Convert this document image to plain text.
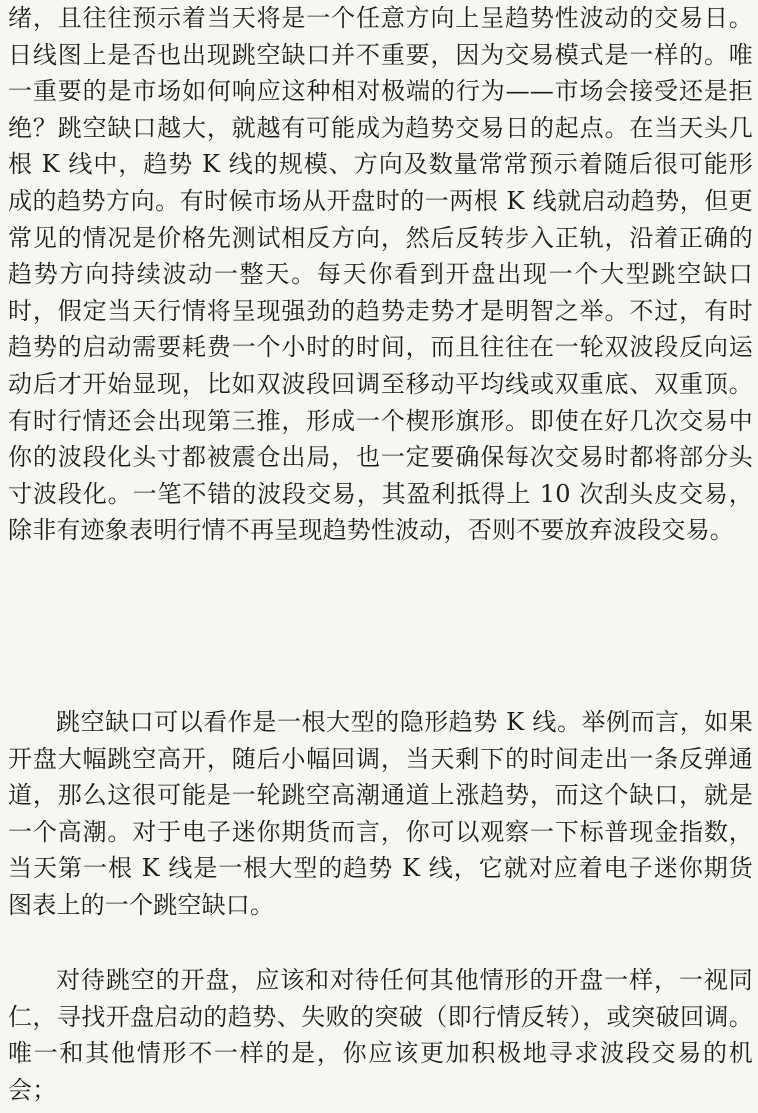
绪，且往往预示着当天将是一个任意方向上呈趋势性波动的交易日。日线图上是否也出现跳空缺口并不重要，因为交易模式是一样的。唯一重要的是市场如何响应这种相对极端的行为——市场会接受还是拒绝？跳空缺口越大，就越有可能成为趋势交易日的起点。在当天头几根 K 线中，趋势 K 线的规模、方向及数量常常预示着随后很可能形成的趋势方向。有时候市场从开盘时的一两根 K 线就启动趋势，但更常见的情况是价格先测试相反方向，然后反转步入正轨，沿着正确的趋势方向持续波动一整天。每天你看到开盘出现一个大型跳空缺口时，假定当天行情将呈现强劲的趋势走势才是明智之举。不过，有时趋势的启动需要耗费一个小时的时间，而且往往在一轮双波段反向运动后才开始显现，比如双波段回调至移动平均线或双重底、双重顶。有时行情还会出现第三推，形成一个楔形旗形。即使在好几次交易中你的波段化头寸都被震仓出局，也一定要确保每次交易时都将部分头寸波段化。一笔不错的波段交易，其盈利抵得上 10 次刮头皮交易，除非有迹象表明行情不再呈现趋势性波动，否则不要放弃波段交易。

跳空缺口可以看作是一根大型的隐形趋势 K 线。举例而言，如果开盘大幅跳空高开，随后小幅回调，当天剩下的时间走出一条反弹通道，那么这很可能是一轮跳空高潮通道上涨趋势，而这个缺口，就是一个高潮。对于电子迷你期货而言，你可以观察一下标普现金指数，当天第一根 K 线是一根大型的趋势 K 线，它就对应着电子迷你期货图表上的一个跳空缺口。

对待跳空的开盘，应该和对待任何其他情形的开盘一样，一视同仁，寻找开盘启动的趋势、失败的突破（即行情反转），或突破回调。唯一和其他情形不一样的是，你应该更加积极地寻求波段交易的机会；
